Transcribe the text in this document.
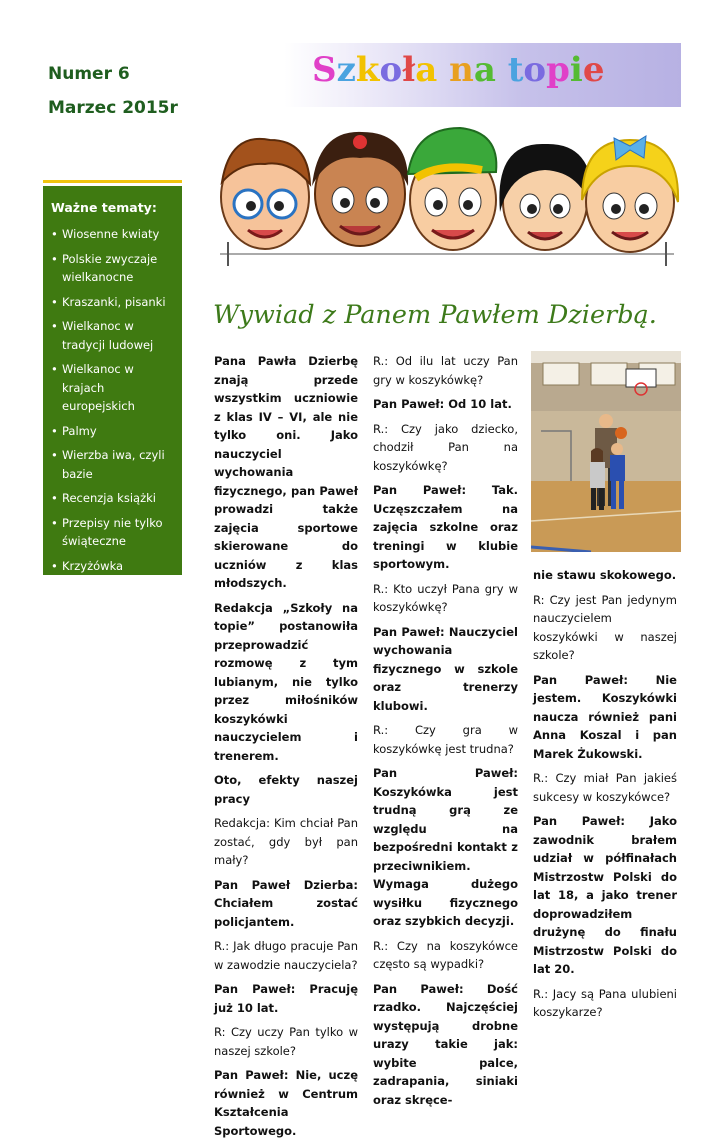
Numer 6
Marzec 2015r
Szkoła na topie
Ważne tematy:
• Wiosenne kwiaty
• Polskie zwyczaje wielkanocne
• Kraszanki, pisanki
• Wielkanoc w tradycji ludowej
• Wielkanoc w krajach europejskich
• Palmy
• Wierzba iwa, czyli bazie
• Recenzja książki
• Przepisy nie tylko świąteczne
• Krzyżówka
Wywiad z Panem Pawłem Dzierbą.

Pana Pawła Dzierbę znają przede wszystkim uczniowie z klas IV – VI, ale nie tylko oni. Jako nauczyciel wychowania fizycznego, pan Paweł prowadzi także zajęcia sportowe skierowane do uczniów z klas młodszych.

Redakcja „Szkoły na topie” postanowiła przeprowadzić rozmowę z tym lubianym, nie tylko przez miłośników koszykówki nauczycielem i trenerem.

Oto, efekty naszej pracy

Redakcja: Kim chciał Pan zostać, gdy był pan mały?

Pan Paweł Dzierba: Chciałem zostać policjantem.

R.: Jak długo pracuje Pan w zawodzie nauczyciela?

Pan Paweł: Pracuję już 10 lat.

R: Czy uczy Pan tylko w naszej szkole?

Pan Paweł: Nie, uczę również w Centrum Kształcenia Sportowego.

R.: Od ilu lat uczy Pan gry w koszykówkę?

Pan Paweł: Od 10 lat.

R.: Czy jako dziecko, chodził Pan na koszykówkę?

Pan Paweł: Tak. Uczęszczałem na zajęcia szkolne oraz treningi w klubie sportowym.

R.: Kto uczył Pana gry w koszykówkę?

Pan Paweł: Nauczyciel wychowania fizycznego w szkole oraz trenerzy klubowi.

R.: Czy gra w koszykówkę jest trudna?

Pan Paweł: Koszykówka jest trudną grą ze względu na bezpośredni kontakt z przeciwnikiem. Wymaga dużego wysiłku fizycznego oraz szybkich decyzji.

R.: Czy na koszykówce często są wypadki?

Pan Paweł: Dość rzadko. Najczęściej występują drobne urazy takie jak: wybite palce, zadrapania, siniaki oraz skręce-

nie stawu skokowego.

R: Czy jest Pan jedynym nauczycielem koszykówki w naszej szkole?

Pan Paweł: Nie jestem. Koszykówki naucza również pani Anna Koszal i pan Marek Żukowski.

R.: Czy miał Pan jakieś sukcesy w koszykówce?

Pan Paweł: Jako zawodnik brałem udział w półfinałach Mistrzostw Polski do lat 18, a jako trener doprowadziłem drużynę do finału Mistrzostw Polski do lat 20.

R.: Jacy są Pana ulubieni koszykarze?
